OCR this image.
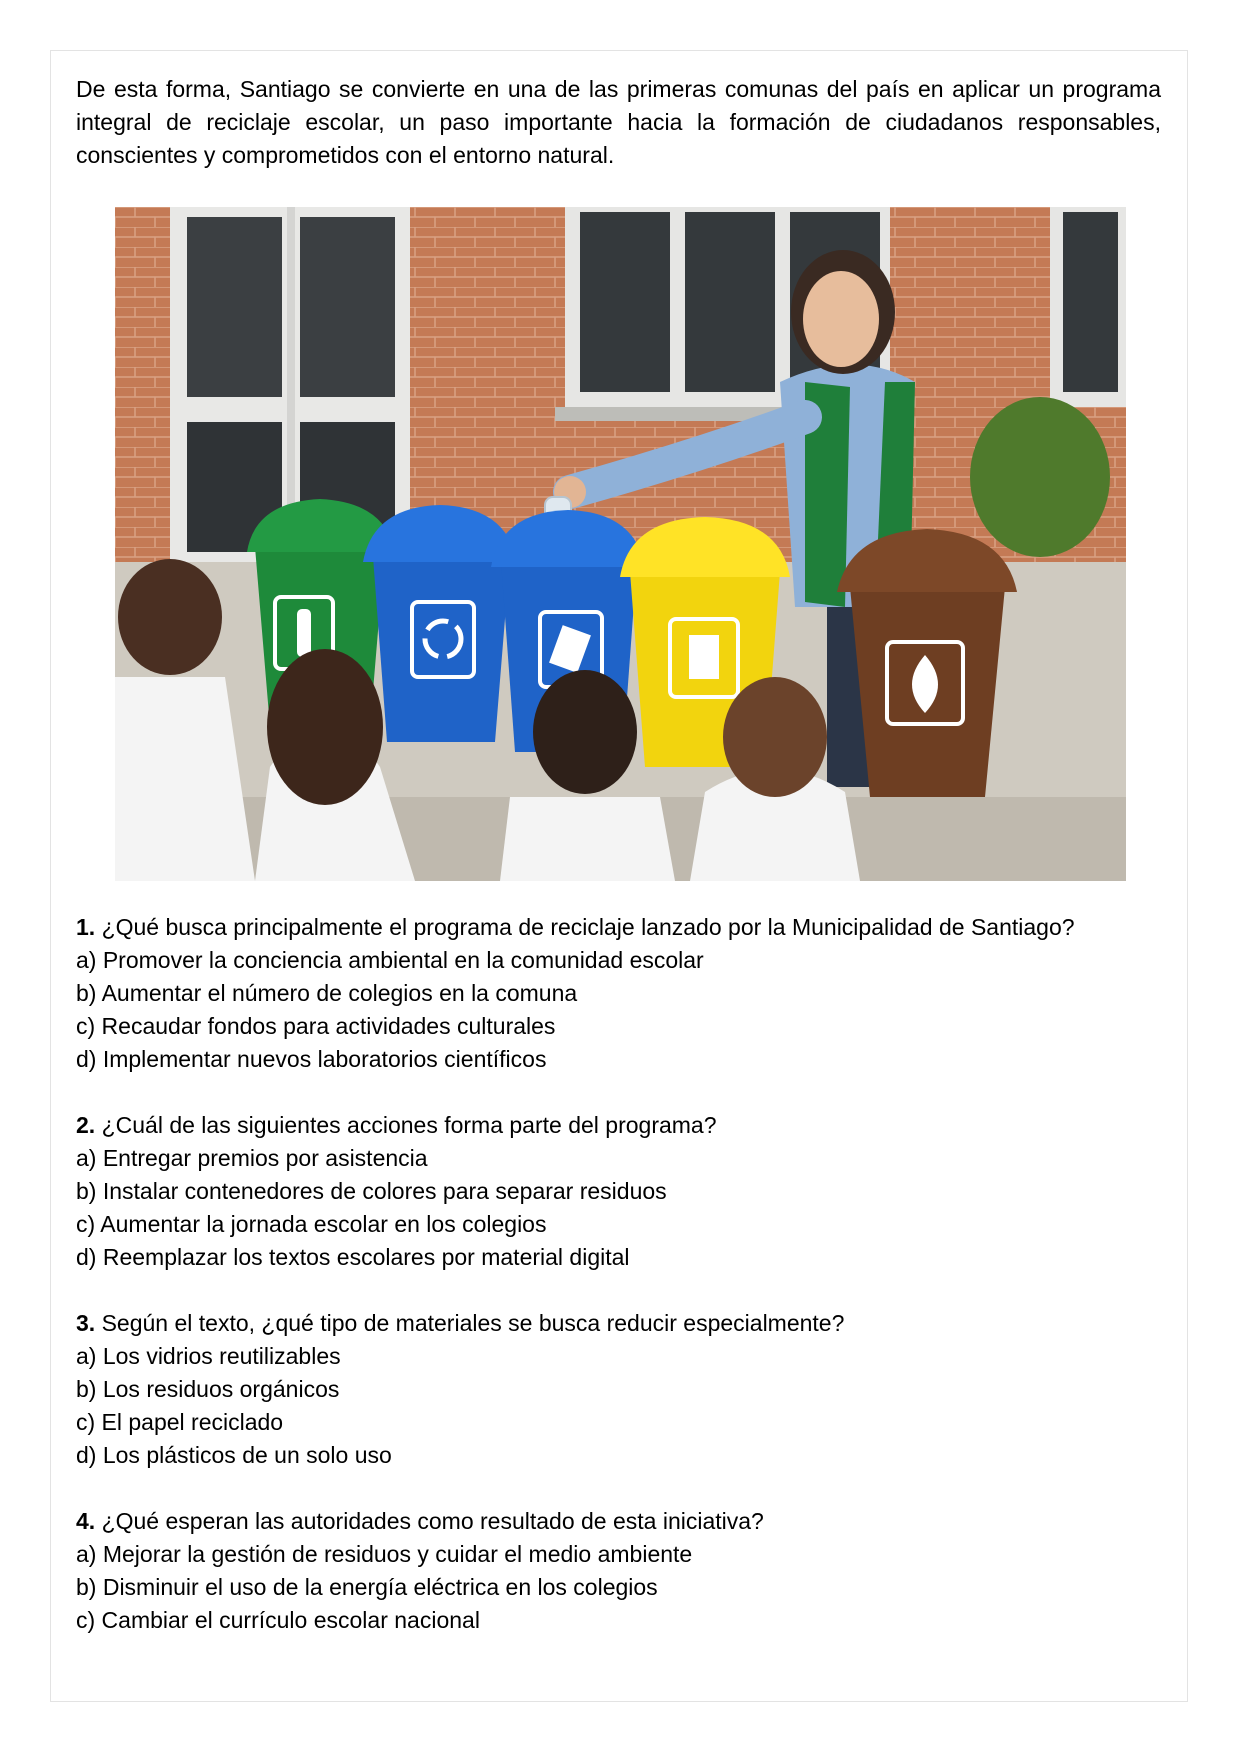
De esta forma, Santiago se convierte en una de las primeras comunas del país en aplicar un programa integral de reciclaje escolar, un paso importante hacia la formación de ciudadanos responsables, conscientes y comprometidos con el entorno natural.

1. ¿Qué busca principalmente el programa de reciclaje lanzado por la Municipalidad de Santiago?

a) Promover la conciencia ambiental en la comunidad escolar

b) Aumentar el número de colegios en la comuna

c) Recaudar fondos para actividades culturales

d) Implementar nuevos laboratorios científicos

2. ¿Cuál de las siguientes acciones forma parte del programa?

a) Entregar premios por asistencia

b) Instalar contenedores de colores para separar residuos

c) Aumentar la jornada escolar en los colegios

d) Reemplazar los textos escolares por material digital

3. Según el texto, ¿qué tipo de materiales se busca reducir especialmente?

a) Los vidrios reutilizables

b) Los residuos orgánicos

c) El papel reciclado

d) Los plásticos de un solo uso

4. ¿Qué esperan las autoridades como resultado de esta iniciativa?

a) Mejorar la gestión de residuos y cuidar el medio ambiente

b) Disminuir el uso de la energía eléctrica en los colegios

c) Cambiar el currículo escolar nacional
